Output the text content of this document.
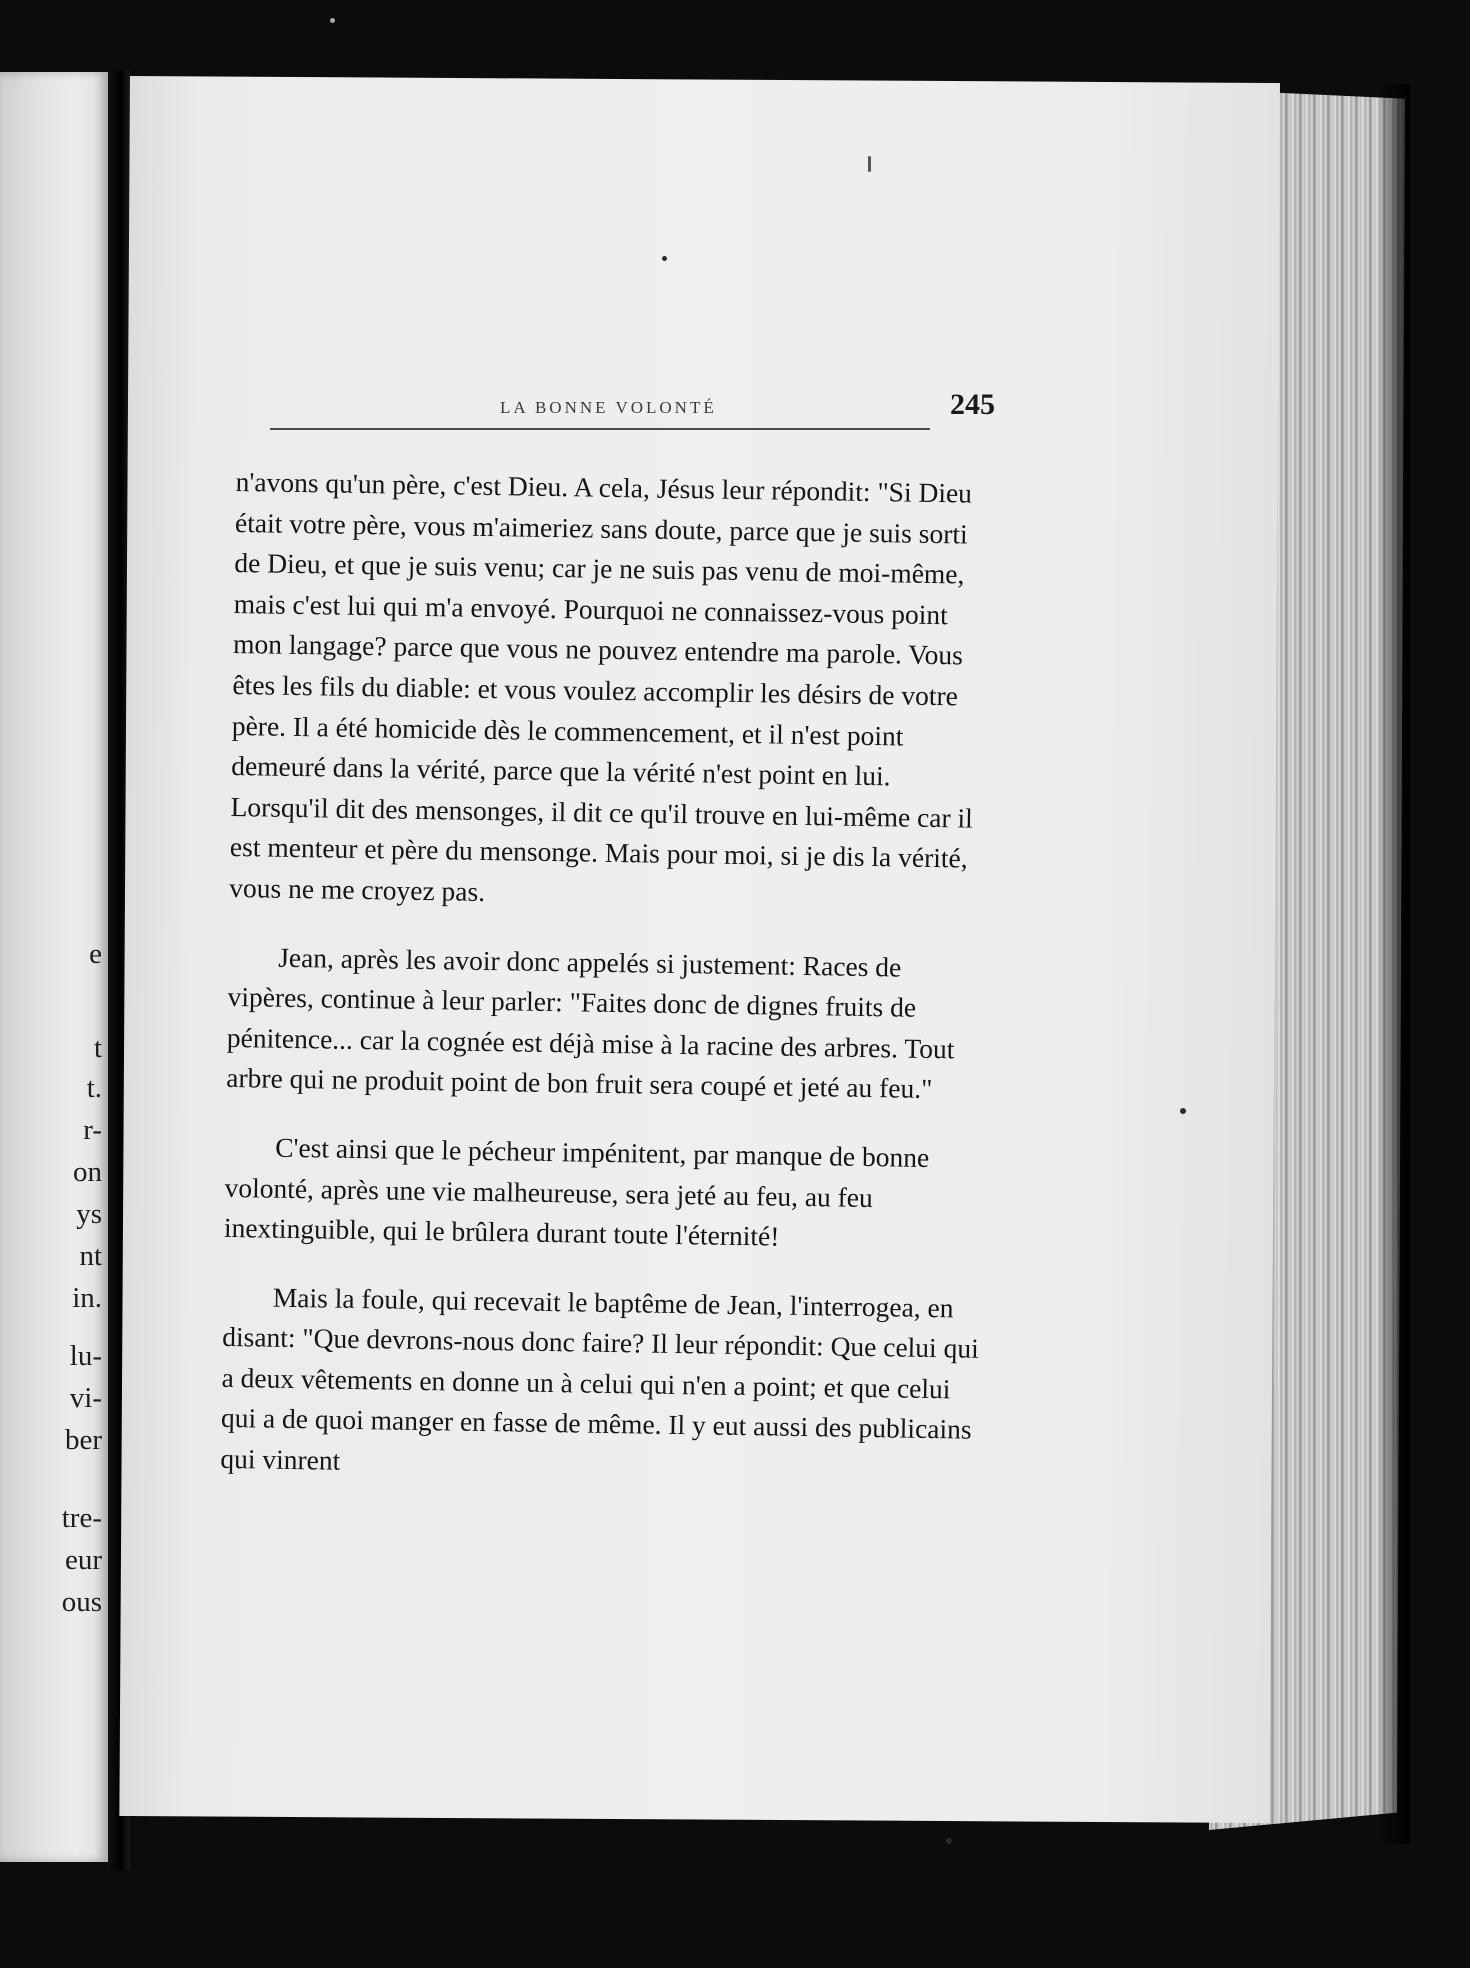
e
t
t.
r-
on
ys
nt
in.
lu-
vi-
ber
tre-
eur
ous
LA BONNE VOLONTÉ	245

n'avons qu'un père, c'est Dieu. A cela, Jésus leur répondit: "Si Dieu était votre père, vous m'aimeriez sans doute, parce que je suis sorti de Dieu, et que je suis venu; car je ne suis pas venu de moi-même, mais c'est lui qui m'a envoyé. Pourquoi ne connaissez-vous point mon langage? parce que vous ne pouvez entendre ma parole. Vous êtes les fils du diable: et vous voulez accomplir les désirs de votre père. Il a été homicide dès le commencement, et il n'est point demeuré dans la vérité, parce que la vérité n'est point en lui. Lorsqu'il dit des mensonges, il dit ce qu'il trouve en lui-même car il est menteur et père du mensonge. Mais pour moi, si je dis la vérité, vous ne me croyez pas.

Jean, après les avoir donc appelés si justement: Races de vipères, continue à leur parler: "Faites donc de dignes fruits de pénitence... car la cognée est déjà mise à la racine des arbres. Tout arbre qui ne produit point de bon fruit sera coupé et jeté au feu."

C'est ainsi que le pécheur impénitent, par manque de bonne volonté, après une vie malheureuse, sera jeté au feu, au feu inextinguible, qui le brûlera durant toute l'éternité!

Mais la foule, qui recevait le baptême de Jean, l'interrogea, en disant: "Que devrons-nous donc faire? Il leur répondit: Que celui qui a deux vêtements en donne un à celui qui n'en a point; et que celui qui a de quoi manger en fasse de même. Il y eut aussi des publicains qui vinrent
